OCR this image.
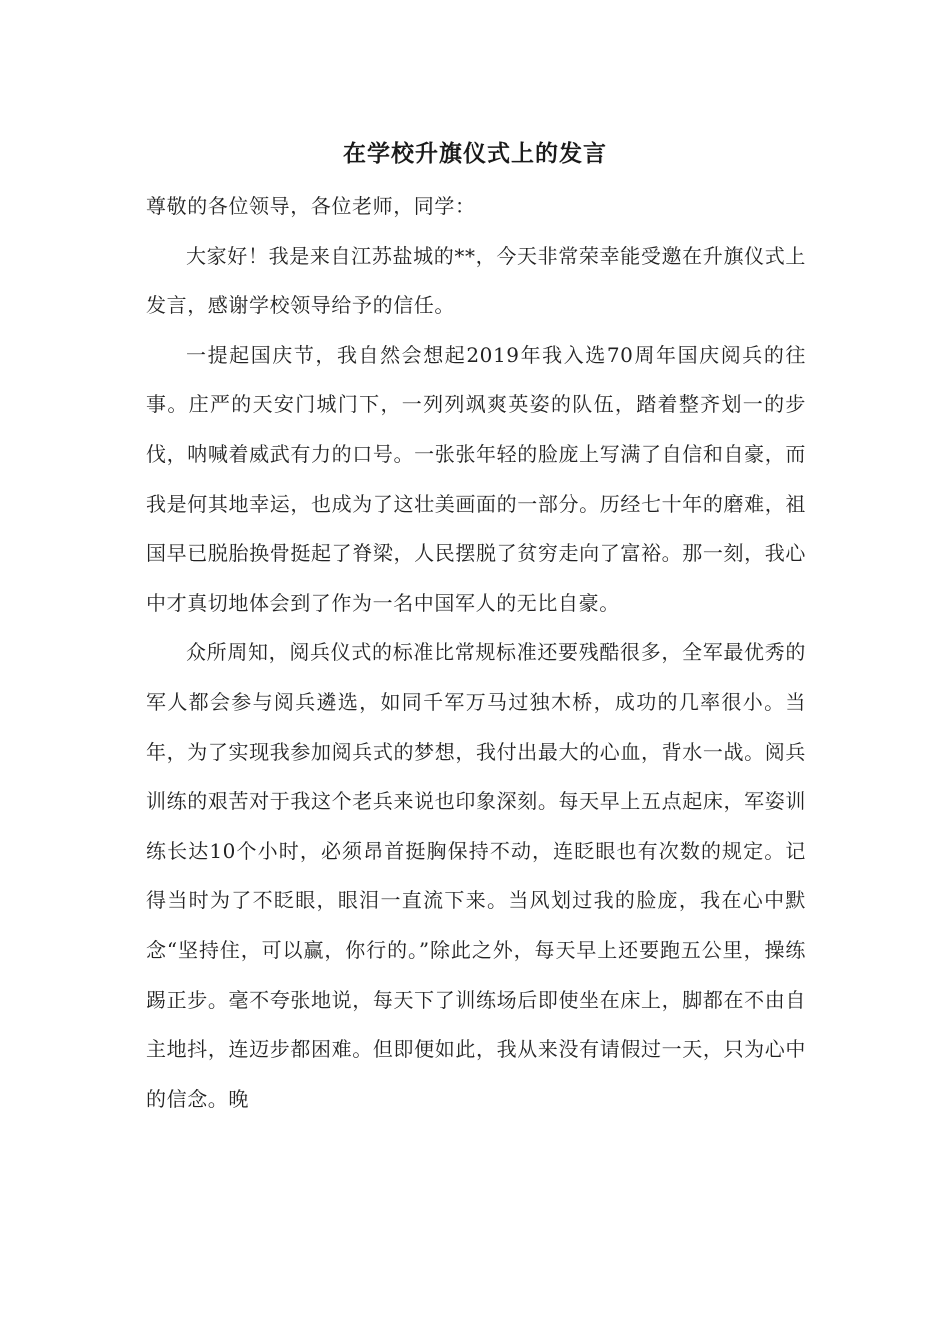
在学校升旗仪式上的发言

尊敬的各位领导，各位老师，同学：

大家好！我是来自江苏盐城的**，今天非常荣幸能受邀在升旗仪式上发言，感谢学校领导给予的信任。

一提起国庆节，我自然会想起2019年我入选70周年国庆阅兵的往事。庄严的天安门城门下，一列列飒爽英姿的队伍，踏着整齐划一的步伐，呐喊着威武有力的口号。一张张年轻的脸庞上写满了自信和自豪，而我是何其地幸运，也成为了这壮美画面的一部分。历经七十年的磨难，祖国早已脱胎换骨挺起了脊梁，人民摆脱了贫穷走向了富裕。那一刻，我心中才真切地体会到了作为一名中国军人的无比自豪。

众所周知，阅兵仪式的标准比常规标准还要残酷很多，全军最优秀的军人都会参与阅兵遴选，如同千军万马过独木桥，成功的几率很小。当年，为了实现我参加阅兵式的梦想，我付出最大的心血，背水一战。阅兵训练的艰苦对于我这个老兵来说也印象深刻。每天早上五点起床，军姿训练长达10个小时，必须昂首挺胸保持不动，连眨眼也有次数的规定。记得当时为了不眨眼，眼泪一直流下来。当风划过我的脸庞，我在心中默念“坚持住，可以赢，你行的。”除此之外，每天早上还要跑五公里，操练踢正步。毫不夸张地说，每天下了训练场后即使坐在床上，脚都在不由自主地抖，连迈步都困难。但即便如此，我从来没有请假过一天，只为心中的信念。晚
